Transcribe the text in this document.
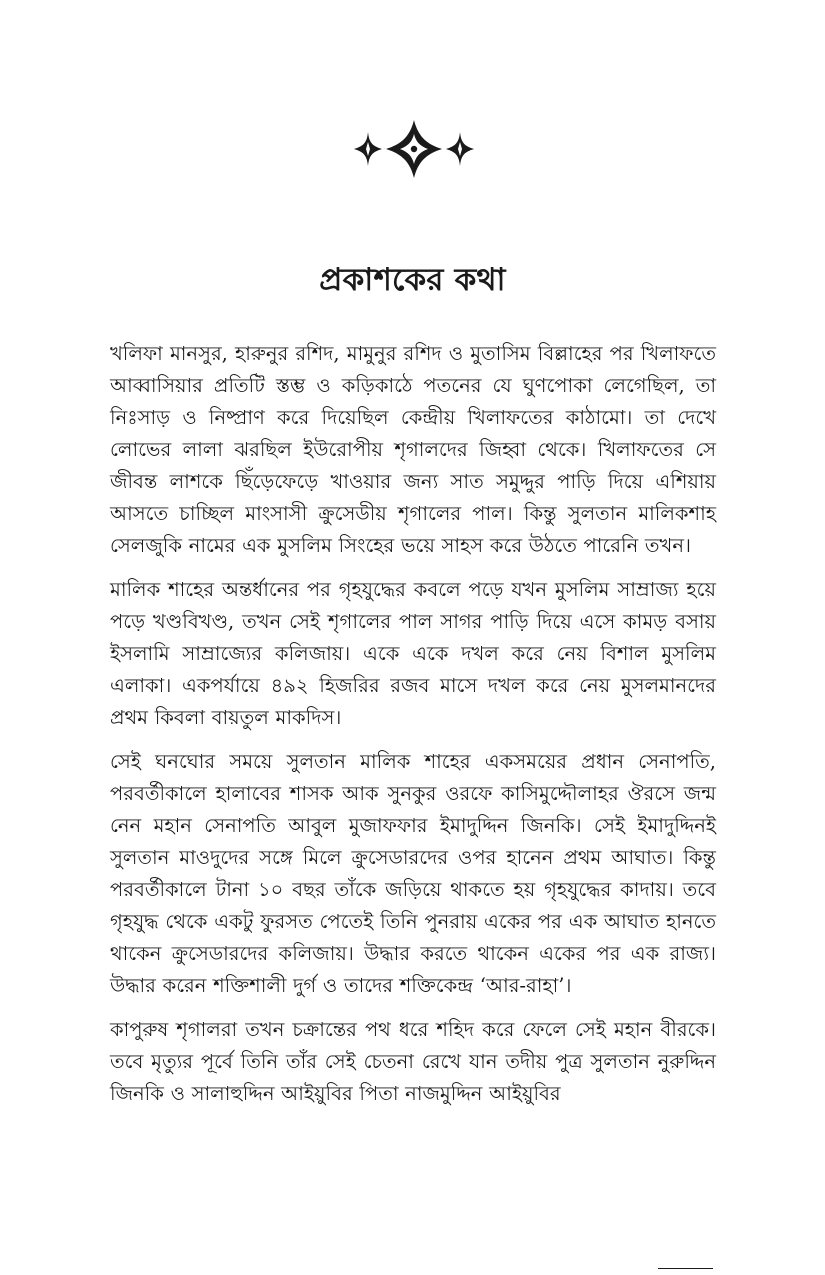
প্রকাশকের কথা

খলিফা মানসুর, হারুনুর রশিদ, মামুনুর রশিদ ও মুতাসিম বিল্লাহের পর খিলাফতে আব্বাসিয়ার প্রতিটি স্তম্ভ ও কড়িকাঠে পতনের যে ঘুণপোকা লেগেছিল, তা নিঃসাড় ও নিষ্প্রাণ করে দিয়েছিল কেন্দ্রীয় খিলাফতের কাঠামো। তা দেখে লোভের লালা ঝরছিল ইউরোপীয় শৃগালদের জিহ্বা থেকে। খিলাফতের সে জীবন্ত লাশকে ছিঁড়েফেড়ে খাওয়ার জন্য সাত সমুদ্দুর পাড়ি দিয়ে এশিয়ায় আসতে চাচ্ছিল মাংসাসী ক্রুসেডীয় শৃগালের পাল। কিন্তু সুলতান মালিকশাহ সেলজুকি নামের এক মুসলিম সিংহের ভয়ে সাহস করে উঠতে পারেনি তখন।

মালিক শাহের অন্তর্ধানের পর গৃহযুদ্ধের কবলে পড়ে যখন মুসলিম সাম্রাজ্য হয়ে পড়ে খণ্ডবিখণ্ড, তখন সেই শৃগালের পাল সাগর পাড়ি দিয়ে এসে কামড় বসায় ইসলামি সাম্রাজ্যের কলিজায়। একে একে দখল করে নেয় বিশাল মুসলিম এলাকা। একপর্যায়ে ৪৯২ হিজরির রজব মাসে দখল করে নেয় মুসলমানদের প্রথম কিবলা বায়তুল মাকদিস।

সেই ঘনঘোর সময়ে সুলতান মালিক শাহের একসময়ের প্রধান সেনাপতি, পরবর্তীকালে হালাবের শাসক আক সুনকুর ওরফে কাসিমুদ্দৌলাহর ঔরসে জন্ম নেন মহান সেনাপতি আবুল মুজাফফার ইমাদুদ্দিন জিনকি। সেই ইমাদুদ্দিনই সুলতান মাওদুদের সঙ্গে মিলে ক্রুসেডারদের ওপর হানেন প্রথম আঘাত। কিন্তু পরবর্তীকালে টানা ১০ বছর তাঁকে জড়িয়ে থাকতে হয় গৃহযুদ্ধের কাদায়। তবে গৃহযুদ্ধ থেকে একটু ফুরসত পেতেই তিনি পুনরায় একের পর এক আঘাত হানতে থাকেন ক্রুসেডারদের কলিজায়। উদ্ধার করতে থাকেন একের পর এক রাজ্য। উদ্ধার করেন শক্তিশালী দুর্গ ও তাদের শক্তিকেন্দ্র ‘আর-রাহা’।

কাপুরুষ শৃগালরা তখন চক্রান্তের পথ ধরে শহিদ করে ফেলে সেই মহান বীরকে। তবে মৃত্যুর পূর্বে তিনি তাঁর সেই চেতনা রেখে যান তদীয় পুত্র সুলতান নুরুদ্দিন জিনকি ও সালাহুদ্দিন আইয়ুবির পিতা নাজমুদ্দিন আইয়ুবির
